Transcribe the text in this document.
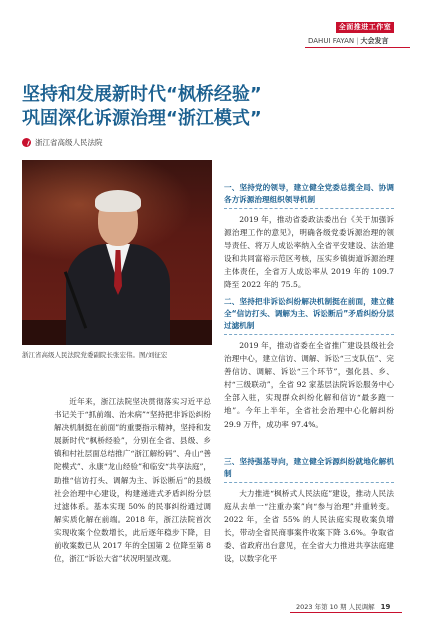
全面推进工作室
DAHUI FAYAN | 大会发言
坚持和发展新时代“枫桥经验”
巩固深化诉源治理“浙江模式”
浙江省高级人民法院
浙江省高级人民法院党委副院长张宏伟。图/刘征宏

近年来，浙江法院坚决贯彻落实习近平总书记关于“抓前端、治未病”“坚持把非诉讼纠纷解决机制挺在前面”的重要指示精神，坚持和发展新时代“枫桥经验”，分别在全省、县级、乡镇和村社层面总结推广“浙江解纷码”、舟山“善陀模式”、永康“龙山经验”和临安“共享法庭”，助推“信访打头、调解为主、诉讼断后”的县级社会治理中心建设，构建递进式矛盾纠纷分层过滤体系。基本实现 50% 的民事纠纷通过调解实质化解在前端。2018 年，浙江法院首次实现收案个位数增长，此后逐年稳步下降，目前收案数已从 2017 年的全国第 2 位降至第 8 位，浙江“诉讼大省”状况明显改观。

一、坚持党的领导，建立健全党委总揽全局、协调各方诉源治理组织领导机制

2019 年，推动省委政法委出台《关于加强诉源治理工作的意见》，明确各级党委诉源治理的领导责任、将万人成讼率纳入全省平安建设、法治建设和共同富裕示范区考核，压实乡镇街道诉源治理主体责任，全省万人成讼率从 2019 年的 109.7 降至 2022 年的 75.5。

二、坚持把非诉讼纠纷解决机制挺在前面，建立健全“信访打头、调解为主、诉讼断后”矛盾纠纷分层过滤机制

2019 年，推动省委在全省推广建设县级社会治理中心，建立信访、调解、诉讼“三支队伍”、完善信访、调解、诉讼“三个环节”，强化县、乡、村“三级联动”，全省 92 家基层法院诉讼服务中心全部入驻，实现群众纠纷化解和信访“最多跑一地”。今年上半年，全省社会治理中心化解纠纷 29.9 万件，成功率 97.4%。

三、坚持强基导向，建立健全诉源纠纷就地化解机制

大力推进“枫桥式人民法庭”建设，推动人民法庭从去单一“注重办案”向“参与治理”并重转变。2022 年，全省 55% 的人民法庭实现收案负增长，带动全省民商事案件收案下降 3.6%。争取省委、省政府出台意见，在全省大力推进共享法庭建设，以数字化平

2023 年第 10 期 人民调解 19
